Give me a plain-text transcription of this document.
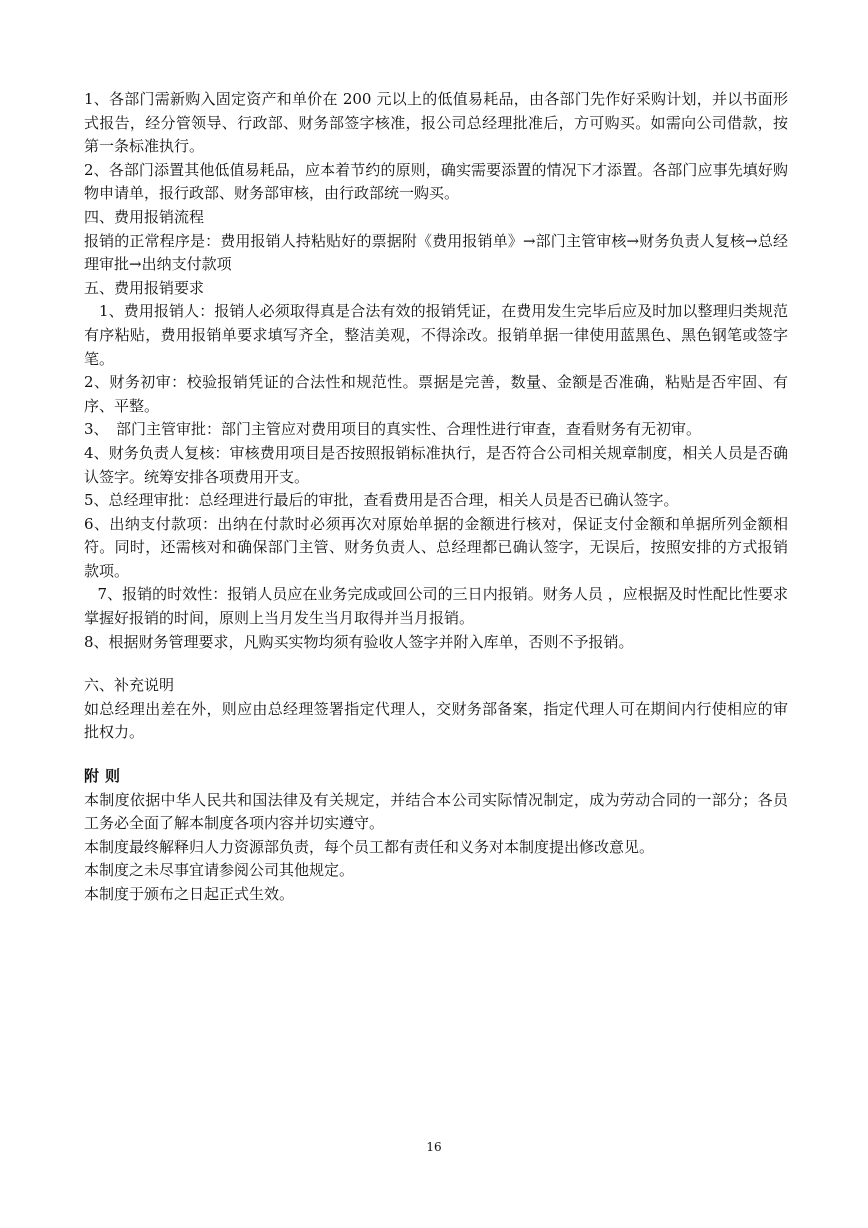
1、各部门需新购入固定资产和单价在 200 元以上的低值易耗品，由各部门先作好采购计划，并以书面形式报告，经分管领导、行政部、财务部签字核准，报公司总经理批准后，方可购买。如需向公司借款，按第一条标准执行。

2、各部门添置其他低值易耗品，应本着节约的原则，确实需要添置的情况下才添置。各部门应事先填好购物申请单，报行政部、财务部审核，由行政部统一购买。

四、费用报销流程

报销的正常程序是：费用报销人持粘贴好的票据附《费用报销单》→部门主管审核→财务负责人复核→总经理审批→出纳支付款项

五、费用报销要求

1、费用报销人：报销人必须取得真是合法有效的报销凭证，在费用发生完毕后应及时加以整理归类规范有序粘贴，费用报销单要求填写齐全，整洁美观，不得涂改。报销单据一律使用蓝黑色、黑色钢笔或签字笔。

2、财务初审：校验报销凭证的合法性和规范性。票据是完善，数量、金额是否准确，粘贴是否牢固、有序、平整。

3、　部门主管审批：部门主管应对费用项目的真实性、合理性进行审查，查看财务有无初审。

4、财务负责人复核：审核费用项目是否按照报销标准执行，是否符合公司相关规章制度，相关人员是否确认签字。统筹安排各项费用开支。

5、总经理审批：总经理进行最后的审批，查看费用是否合理，相关人员是否已确认签字。

6、出纳支付款项：出纳在付款时必须再次对原始单据的金额进行核对，保证支付金额和单据所列金额相符。同时，还需核对和确保部门主管、财务负责人、总经理都已确认签字，无误后，按照安排的方式报销款项。

7、报销的时效性：报销人员应在业务完成或回公司的三日内报销。财务人员 ，应根据及时性配比性要求掌握好报销的时间，原则上当月发生当月取得并当月报销。

8、根据财务管理要求，凡购买实物均须有验收人签字并附入库单，否则不予报销。

六、补充说明

如总经理出差在外，则应由总经理签署指定代理人，交财务部备案，指定代理人可在期间内行使相应的审批权力。

附则

本制度依据中华人民共和国法律及有关规定，并结合本公司实际情况制定，成为劳动合同的一部分；各员工务必全面了解本制度各项内容并切实遵守。

本制度最终解释归人力资源部负责，每个员工都有责任和义务对本制度提出修改意见。

本制度之未尽事宜请参阅公司其他规定。

本制度于颁布之日起正式生效。

16
